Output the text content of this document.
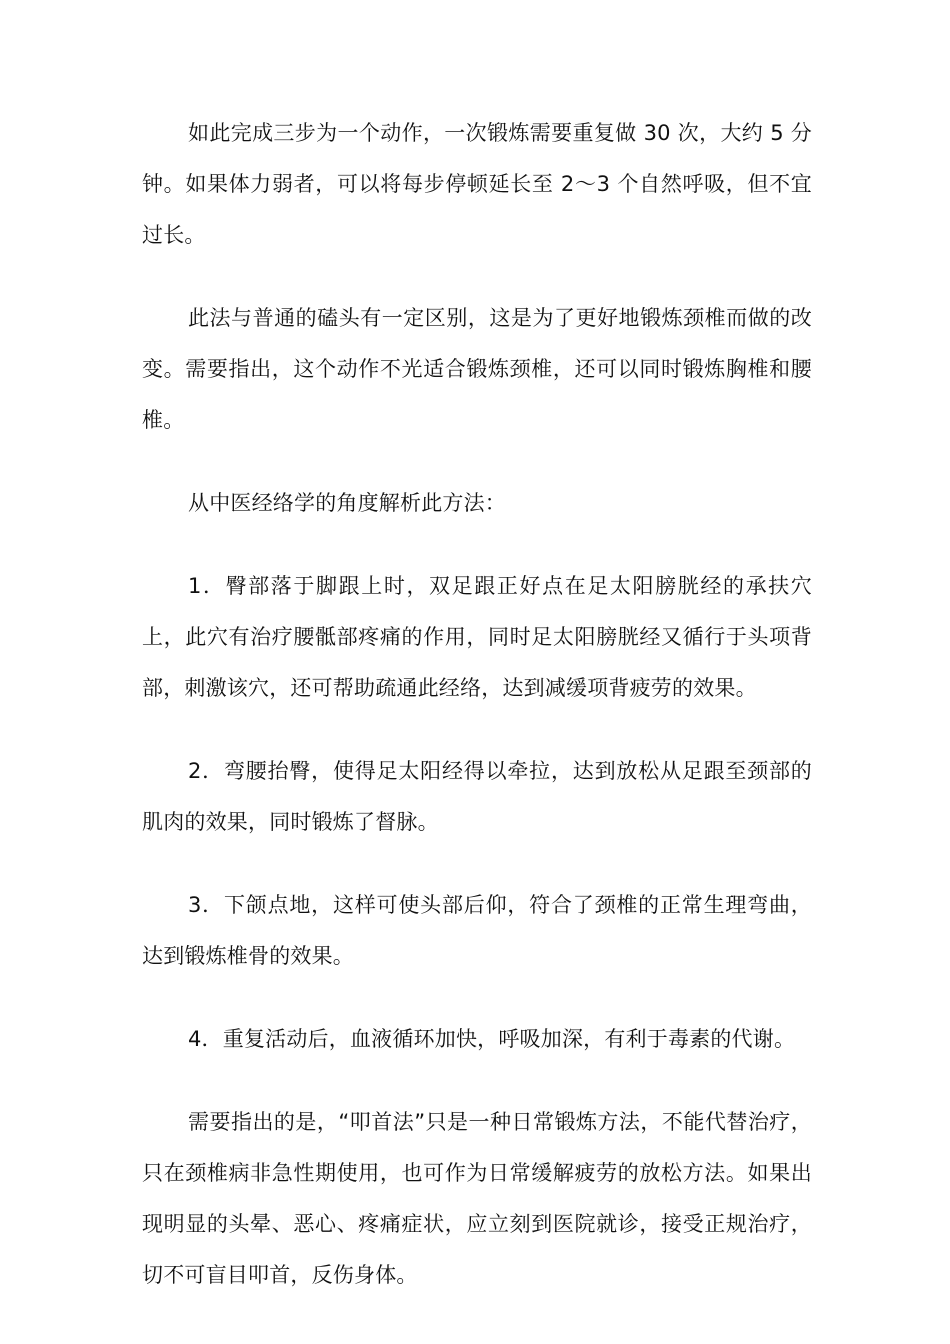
如此完成三步为一个动作，一次锻炼需要重复做 30 次，大约 5 分钟。如果体力弱者，可以将每步停顿延长至 2～3 个自然呼吸，但不宜过长。

此法与普通的磕头有一定区别，这是为了更好地锻炼颈椎而做的改变。需要指出，这个动作不光适合锻炼颈椎，还可以同时锻炼胸椎和腰椎。

从中医经络学的角度解析此方法：

1．臀部落于脚跟上时，双足跟正好点在足太阳膀胱经的承扶穴上，此穴有治疗腰骶部疼痛的作用，同时足太阳膀胱经又循行于头项背部，刺激该穴，还可帮助疏通此经络，达到减缓项背疲劳的效果。

2．弯腰抬臀，使得足太阳经得以牵拉，达到放松从足跟至颈部的肌肉的效果，同时锻炼了督脉。

3．下颌点地，这样可使头部后仰，符合了颈椎的正常生理弯曲，达到锻炼椎骨的效果。

4．重复活动后，血液循环加快，呼吸加深，有利于毒素的代谢。

需要指出的是，“叩首法”只是一种日常锻炼方法，不能代替治疗，只在颈椎病非急性期使用，也可作为日常缓解疲劳的放松方法。如果出现明显的头晕、恶心、疼痛症状，应立刻到医院就诊，接受正规治疗，切不可盲目叩首，反伤身体。
